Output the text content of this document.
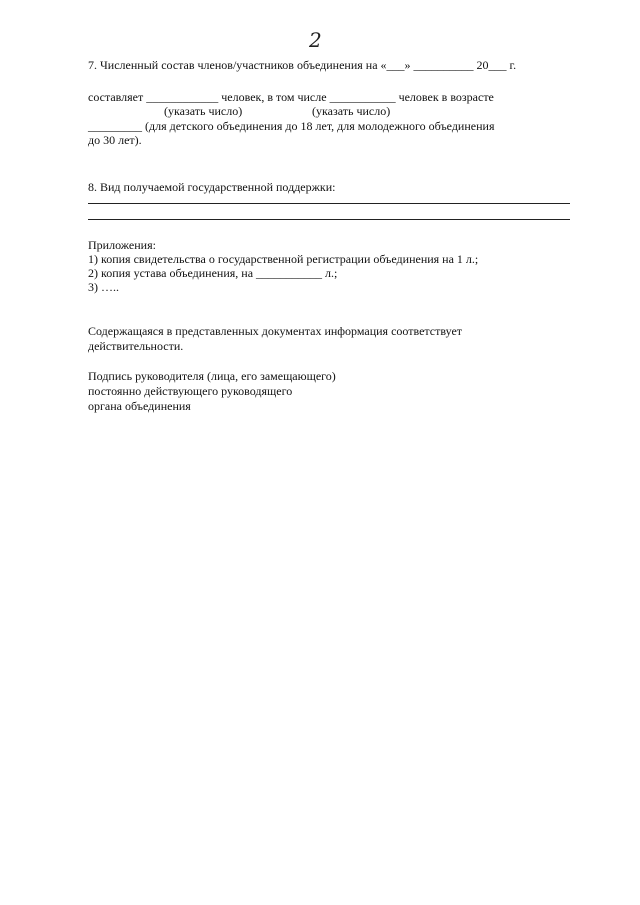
2
7. Численный состав членов/участников объединения на «___» __________ 20___ г.
составляет ____________ человек, в том числе ___________ человек в возрасте
(указать число)	(указать число)
_________ (для детского объединения до 18 лет, для молодежного объединения
до 30 лет).
8. Вид получаемой государственной поддержки:
Приложения:
1) копия свидетельства о государственной регистрации объединения на 1 л.;
2) копия устава объединения, на ___________ л.;
3) …..
Содержащаяся в представленных документах информация соответствует
действительности.
Подпись руководителя (лица, его замещающего)
постоянно действующего руководящего
органа объединения
